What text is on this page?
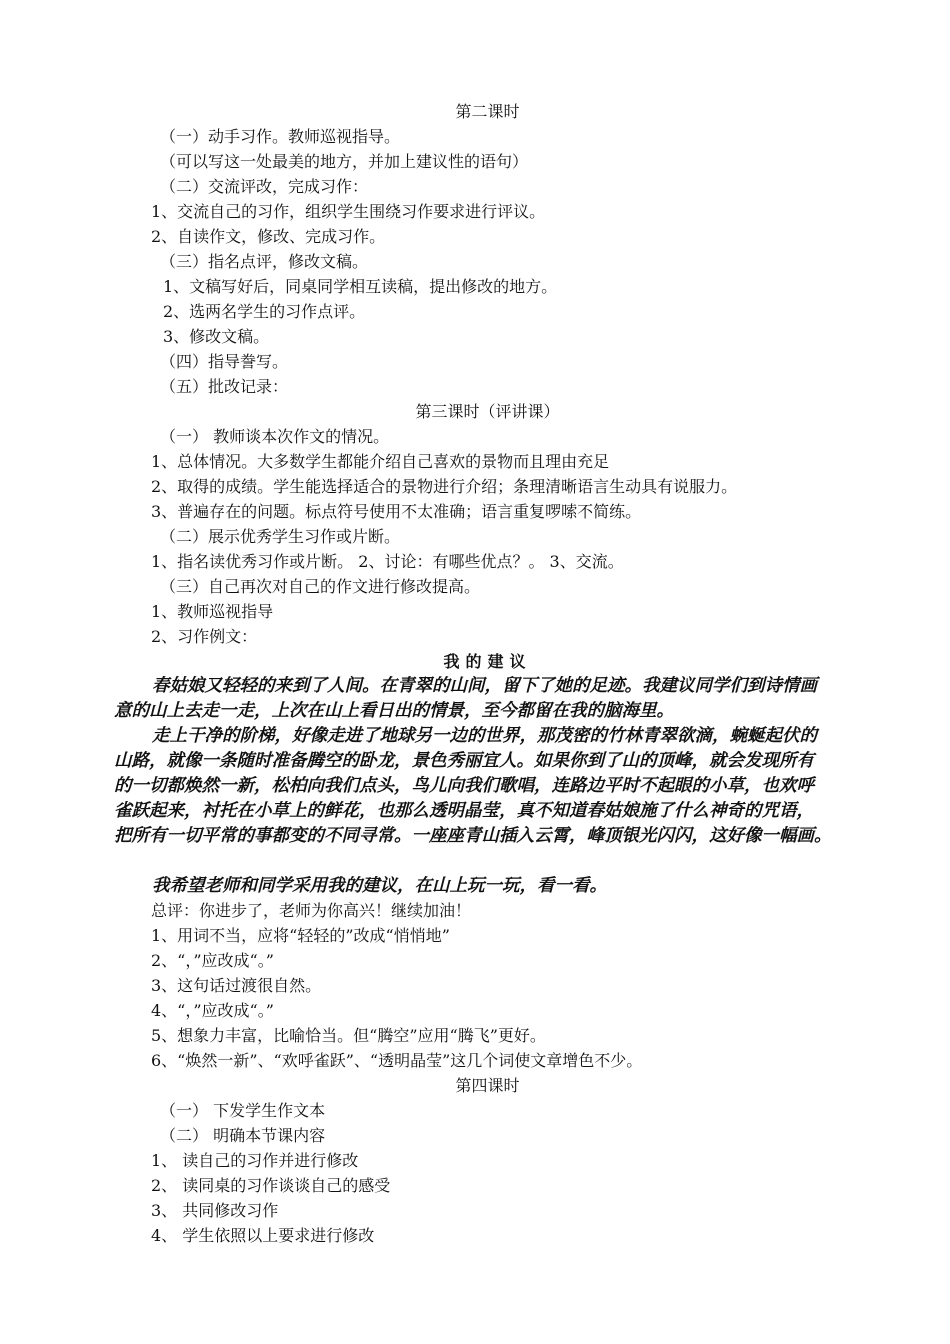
第二课时
（一）动手习作。教师巡视指导。
（可以写这一处最美的地方，并加上建议性的语句）
（二）交流评改，完成习作：
1、交流自己的习作，组织学生围绕习作要求进行评议。
2、自读作文，修改、完成习作。
（三）指名点评，修改文稿。
1、文稿写好后，同桌同学相互读稿，提出修改的地方。
2、选两名学生的习作点评。
3、修改文稿。
（四）指导誊写。
（五）批改记录：
第三课时（评讲课）
（一） 教师谈本次作文的情况。
1、总体情况。大多数学生都能介绍自己喜欢的景物而且理由充足
2、取得的成绩。学生能选择适合的景物进行介绍；条理清晰语言生动具有说服力。
3、普遍存在的问题。标点符号使用不太准确；语言重复啰嗦不简练。
（二）展示优秀学生习作或片断。
1、指名读优秀习作或片断。 2、讨论：有哪些优点？。 3、交流。
（三）自己再次对自己的作文进行修改提高。
1、教师巡视指导
2、习作例文：
我的建议
春姑娘又轻轻的来到了人间。在青翠的山间，留下了她的足迹。我建议同学们到诗情画
意的山上去走一走，上次在山上看日出的情景，至今都留在我的脑海里。
走上干净的阶梯，好像走进了地球另一边的世界，那茂密的竹林青翠欲滴，蜿蜒起伏的
山路，就像一条随时准备腾空的卧龙，景色秀丽宜人。如果你到了山的顶峰，就会发现所有
的一切都焕然一新，松柏向我们点头，鸟儿向我们歌唱，连路边平时不起眼的小草，也欢呼
雀跃起来，衬托在小草上的鲜花，也那么透明晶莹，真不知道春姑娘施了什么神奇的咒语，
把所有一切平常的事都变的不同寻常。一座座青山插入云霄，峰顶银光闪闪，这好像一幅画。
我希望老师和同学采用我的建议，在山上玩一玩，看一看。
总评：你进步了，老师为你高兴！继续加油！
1、用词不当，应将“轻轻的”改成“悄悄地”
2、“，”应改成“。”
3、这句话过渡很自然。
4、“，”应改成“。”
5、想象力丰富，比喻恰当。但“腾空”应用“腾飞”更好。
6、“焕然一新”、“欢呼雀跃”、“透明晶莹”这几个词使文章增色不少。
第四课时
（一） 下发学生作文本
（二） 明确本节课内容
1、 读自己的习作并进行修改
2、 读同桌的习作谈谈自己的感受
3、 共同修改习作
4、 学生依照以上要求进行修改
